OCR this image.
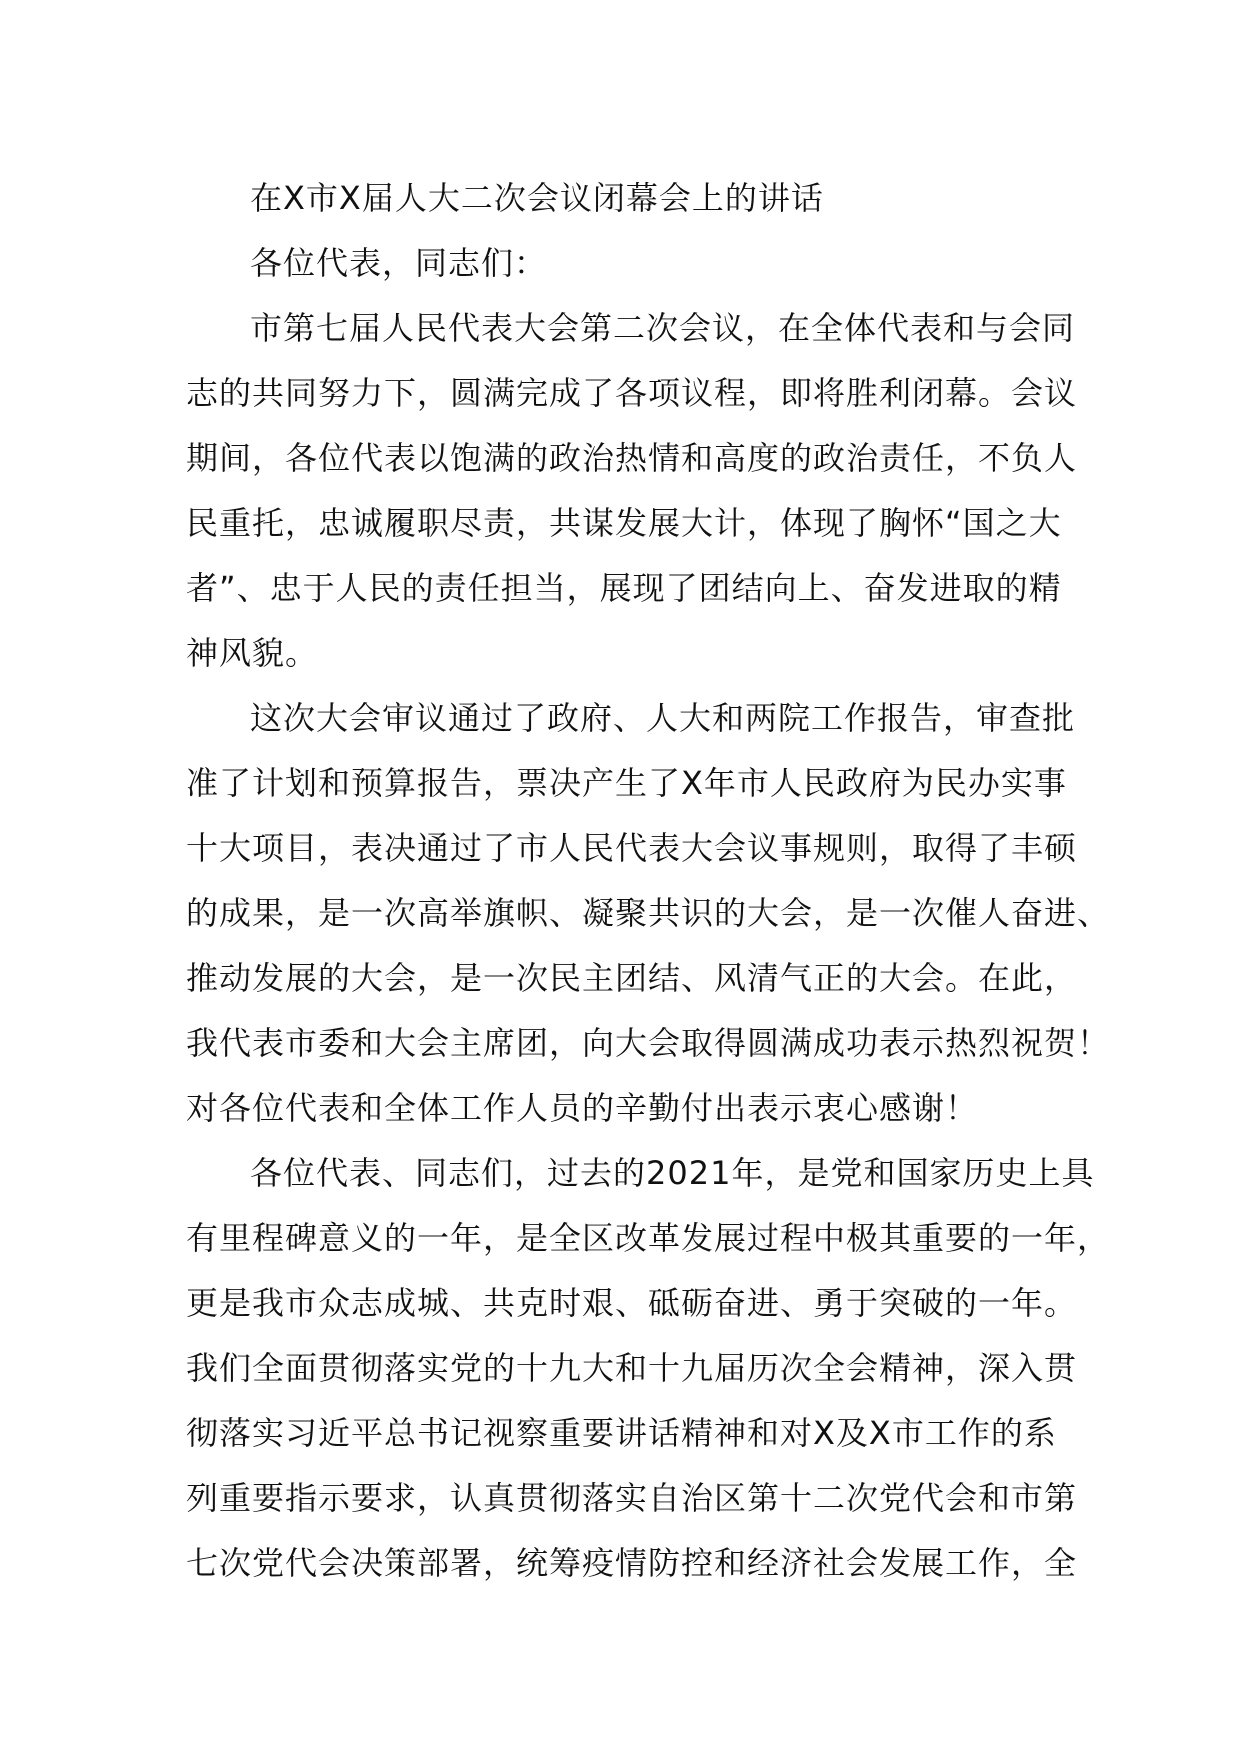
在X市X届人大二次会议闭幕会上的讲话
各位代表，同志们：
市第七届人民代表大会第二次会议，在全体代表和与会同
志的共同努力下，圆满完成了各项议程，即将胜利闭幕。会议
期间，各位代表以饱满的政治热情和高度的政治责任，不负人
民重托，忠诚履职尽责，共谋发展大计，体现了胸怀“国之大
者”、忠于人民的责任担当，展现了团结向上、奋发进取的精
神风貌。
这次大会审议通过了政府、人大和两院工作报告，审查批
准了计划和预算报告，票决产生了X年市人民政府为民办实事
十大项目，表决通过了市人民代表大会议事规则，取得了丰硕
的成果，是一次高举旗帜、凝聚共识的大会，是一次催人奋进、
推动发展的大会，是一次民主团结、风清气正的大会。在此，
我代表市委和大会主席团，向大会取得圆满成功表示热烈祝贺！
对各位代表和全体工作人员的辛勤付出表示衷心感谢！
各位代表、同志们，过去的2021年，是党和国家历史上具
有里程碑意义的一年，是全区改革发展过程中极其重要的一年，
更是我市众志成城、共克时艰、砥砺奋进、勇于突破的一年。
我们全面贯彻落实党的十九大和十九届历次全会精神，深入贯
彻落实习近平总书记视察重要讲话精神和对X及X市工作的系
列重要指示要求，认真贯彻落实自治区第十二次党代会和市第
七次党代会决策部署，统筹疫情防控和经济社会发展工作，全
